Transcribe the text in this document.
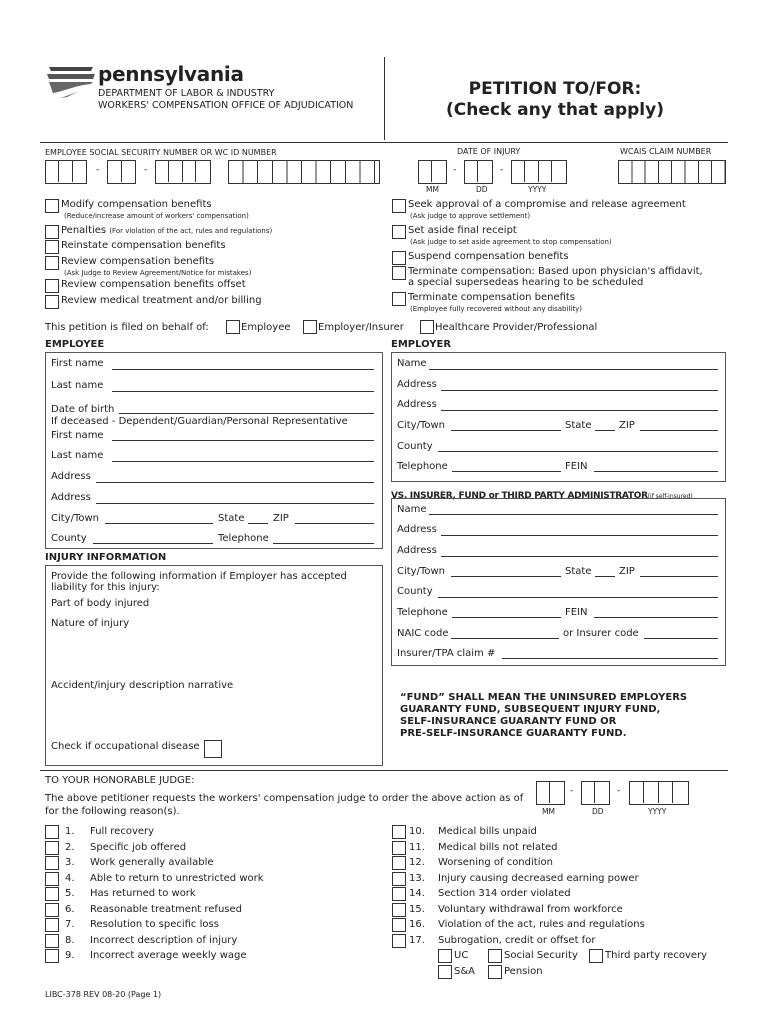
pennsylvania
DEPARTMENT OF LABOR & INDUSTRY
WORKERS' COMPENSATION OFFICE OF ADJUDICATION
PETITION TO/FOR:
(Check any that apply)
EMPLOYEE SOCIAL SECURITY NUMBER OR WC ID NUMBER	DATE OF INJURY	WCAIS CLAIM NUMBER
-	-	-	-
MM	DD	YYYY
Modify compensation benefits
(Reduce/increase amount of workers' compensation)
Penalties (For violation of the act, rules and regulations)
Reinstate compensation benefits
Review compensation benefits
(Ask Judge to Review Agreement/Notice for mistakes)
Review compensation benefits offset
Review medical treatment and/or billing
Seek approval of a compromise and release agreement
(Ask judge to approve settlement)
Set aside final receipt
(Ask judge to set aside agreement to stop compensation)
Suspend compensation benefits
Terminate compensation: Based upon physician's affidavit,
a special supersedeas hearing to be scheduled
Terminate compensation benefits
(Employee fully recovered without any disability)
This petition is filed on behalf of:	Employee	Employer/Insurer	Healthcare Provider/Professional
EMPLOYEE
First name
Last name
Date of birth
If deceased - Dependent/Guardian/Personal Representative
First name
Last name
Address
Address
City/Town	State	ZIP
County	Telephone
INJURY INFORMATION
Provide the following information if Employer has accepted
liability for this injury:
Part of body injured
Nature of injury
Accident/injury description narrative
Check if occupational disease
EMPLOYER
Name
Address
Address
City/Town	State	ZIP
County
Telephone	FEIN
VS. INSURER, FUND or THIRD PARTY ADMINISTRATOR(if self-insured)
Name
Address
Address
City/Town	State	ZIP
County
Telephone	FEIN
NAIC code	or Insurer code
Insurer/TPA claim #
“FUND” SHALL MEAN THE UNINSURED EMPLOYERS
GUARANTY FUND, SUBSEQUENT INJURY FUND,
SELF-INSURANCE GUARANTY FUND OR
PRE-SELF-INSURANCE GUARANTY FUND.
TO YOUR HONORABLE JUDGE:
The above petitioner requests the workers' compensation judge to order the above action as of
for the following reason(s).
-	-
MM	DD	YYYY
1. Full recovery
2. Specific job offered
3. Work generally available
4. Able to return to unrestricted work
5. Has returned to work
6. Reasonable treatment refused
7. Resolution to specific loss
8. Incorrect description of injury
9. Incorrect average weekly wage
10. Medical bills unpaid
11. Medical bills not related
12. Worsening of condition
13. Injury causing decreased earning power
14. Section 314 order violated
15. Voluntary withdrawal from workforce
16. Violation of the act, rules and regulations
17. Subrogation, credit or offset for
UC	Social Security	Third party recovery
S&A	Pension
LIBC-378 REV 08-20 (Page 1)
